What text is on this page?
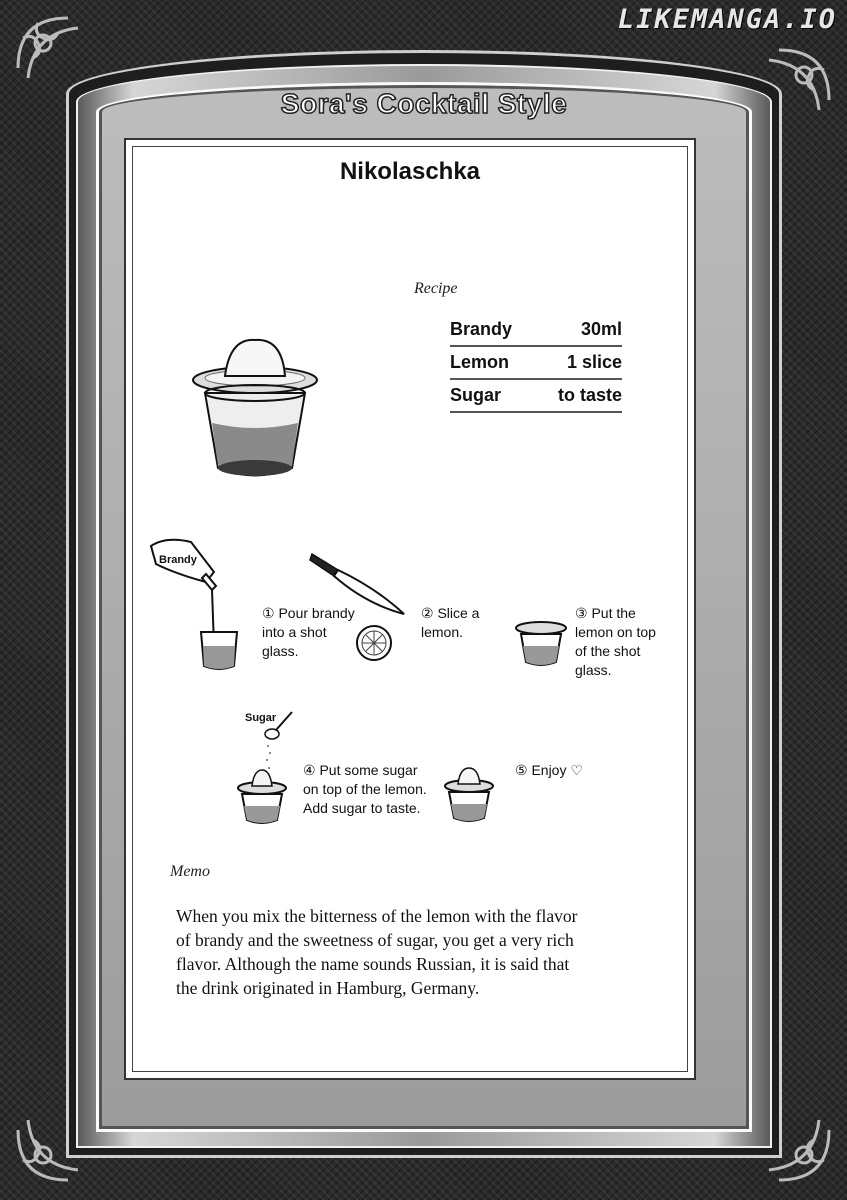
LIKEMANGA.IO
Sora's Cocktail Style
Nikolaschka
Recipe
Brandy	30ml
Lemon	1 slice
Sugar	to taste
Brandy
① Pour brandy
into a shot
glass.
② Slice a
lemon.
③ Put the
lemon on top
of the shot
glass.
Sugar
④ Put some sugar
on top of the lemon.
Add sugar to taste.
⑤ Enjoy ♡
Memo
When you mix the bitterness of the lemon with the flavor
of brandy and the sweetness of sugar, you get a very rich
flavor. Although the name sounds Russian, it is said that
the drink originated in Hamburg, Germany.
